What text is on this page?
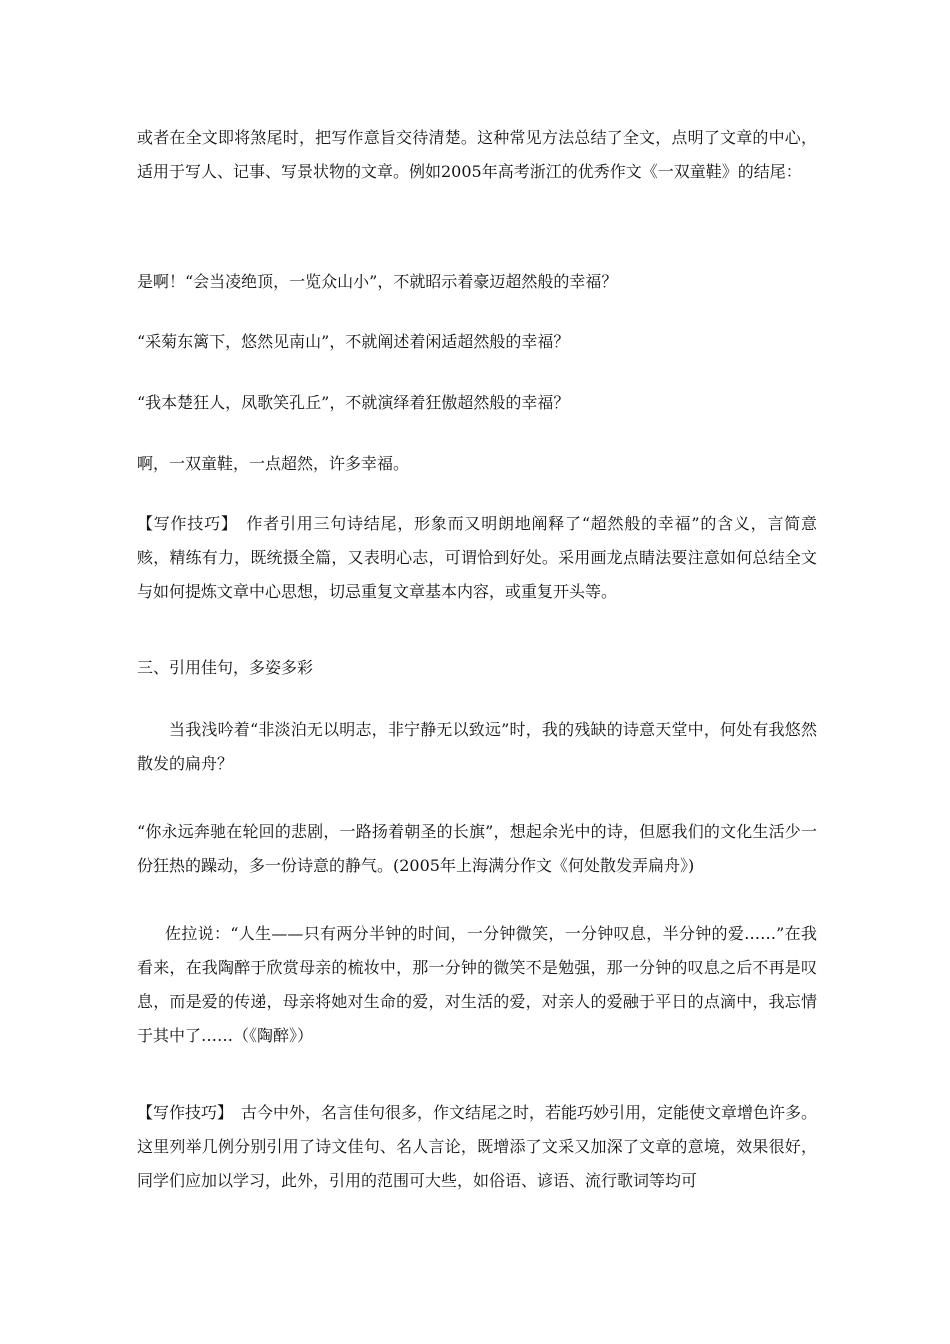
或者在全文即将煞尾时，把写作意旨交待清楚。这种常见方法总结了全文，点明了文章的中心，适用于写人、记事、写景状物的文章。例如2005年高考浙江的优秀作文《一双童鞋》的结尾：

是啊！“会当凌绝顶，一览众山小”，不就昭示着豪迈超然般的幸福？

“采菊东篱下，悠然见南山”，不就阐述着闲适超然般的幸福？

“我本楚狂人，凤歌笑孔丘”，不就演绎着狂傲超然般的幸福？

啊，一双童鞋，一点超然，许多幸福。

【写作技巧】　作者引用三句诗结尾，形象而又明朗地阐释了“超然般的幸福”的含义，言简意赅，精练有力，既统摄全篇，又表明心志，可谓恰到好处。采用画龙点睛法要注意如何总结全文与如何提炼文章中心思想，切忌重复文章基本内容，或重复开头等。

三、引用佳句，多姿多彩

当我浅吟着“非淡泊无以明志，非宁静无以致远”时，我的残缺的诗意天堂中，何处有我悠然散发的扁舟？

“你永远奔驰在轮回的悲剧，一路扬着朝圣的长旗”，想起余光中的诗，但愿我们的文化生活少一份狂热的躁动，多一份诗意的静气。(2005年上海满分作文《何处散发弄扁舟》)

佐拉说：“人生——只有两分半钟的时间，一分钟微笑，一分钟叹息，半分钟的爱……”在我看来，在我陶醉于欣赏母亲的梳妆中，那一分钟的微笑不是勉强，那一分钟的叹息之后不再是叹息，而是爱的传递，母亲将她对生命的爱，对生活的爱，对亲人的爱融于平日的点滴中，我忘情于其中了……（《陶醉》）

【写作技巧】　古今中外，名言佳句很多，作文结尾之时，若能巧妙引用，定能使文章增色许多。这里列举几例分别引用了诗文佳句、名人言论，既增添了文采又加深了文章的意境，效果很好，同学们应加以学习，此外，引用的范围可大些，如俗语、谚语、流行歌词等均可
